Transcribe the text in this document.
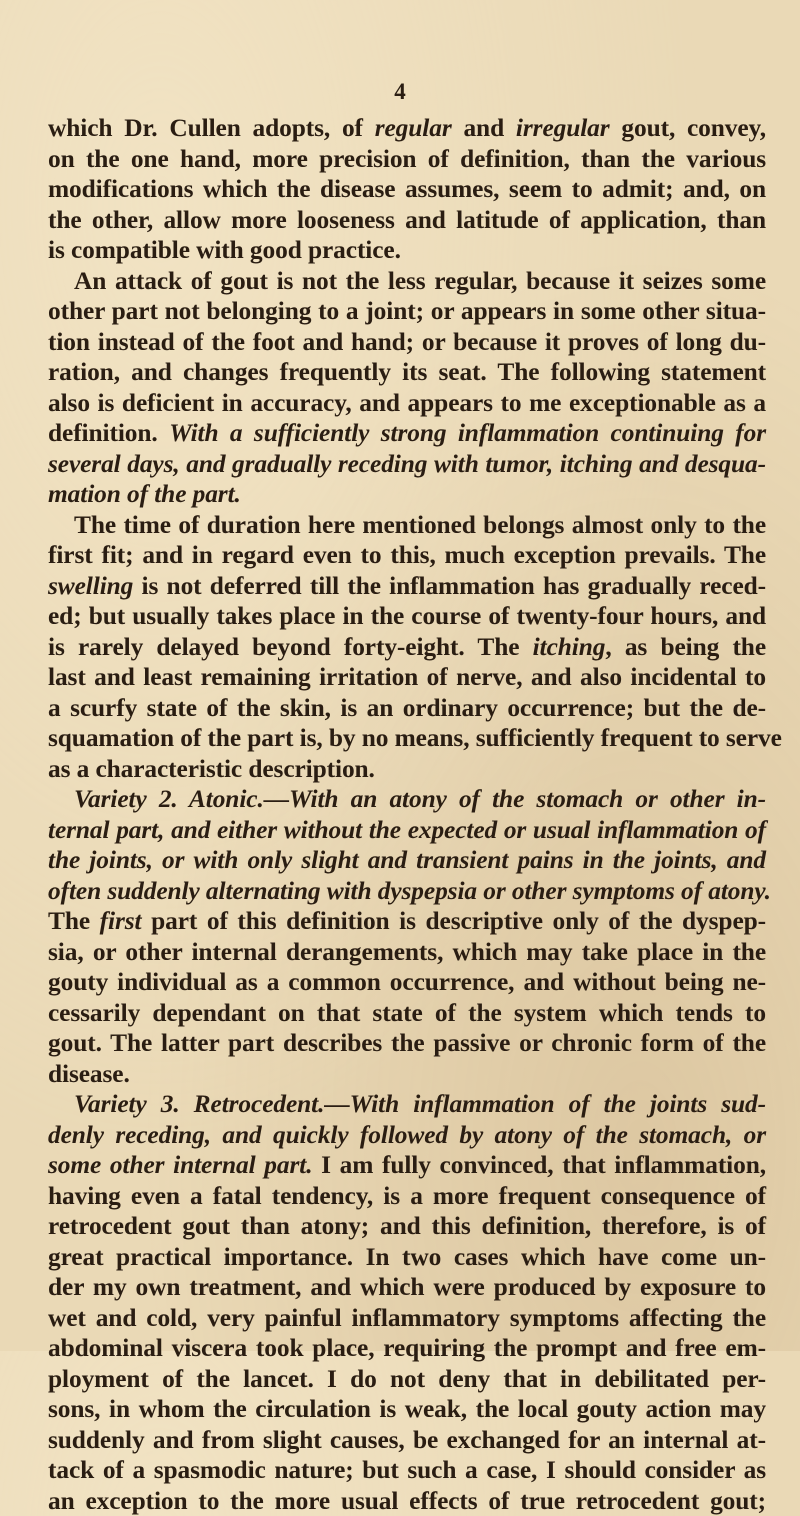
4
which Dr. Cullen adopts, of regular and irregular gout, convey,
on the one hand, more precision of definition, than the various
modifications which the disease assumes, seem to admit; and, on
the other, allow more looseness and latitude of application, than
is compatible with good practice.
An attack of gout is not the less regular, because it seizes some
other part not belonging to a joint; or appears in some other situa-
tion instead of the foot and hand; or because it proves of long du-
ration, and changes frequently its seat. The following statement
also is deficient in accuracy, and appears to me exceptionable as a
definition. With a sufficiently strong inflammation continuing for
several days, and gradually receding with tumor, itching and desqua-
mation of the part.
The time of duration here mentioned belongs almost only to the
first fit; and in regard even to this, much exception prevails. The
swelling is not deferred till the inflammation has gradually reced-
ed; but usually takes place in the course of twenty-four hours, and
is rarely delayed beyond forty-eight. The itching, as being the
last and least remaining irritation of nerve, and also incidental to
a scurfy state of the skin, is an ordinary occurrence; but the de-
squamation of the part is, by no means, sufficiently frequent to serve
as a characteristic description.
Variety 2. Atonic.—With an atony of the stomach or other in-
ternal part, and either without the expected or usual inflammation of
the joints, or with only slight and transient pains in the joints, and
often suddenly alternating with dyspepsia or other symptoms of atony.
The first part of this definition is descriptive only of the dyspep-
sia, or other internal derangements, which may take place in the
gouty individual as a common occurrence, and without being ne-
cessarily dependant on that state of the system which tends to
gout. The latter part describes the passive or chronic form of the
disease.
Variety 3. Retrocedent.—With inflammation of the joints sud-
denly receding, and quickly followed by atony of the stomach, or
some other internal part. I am fully convinced, that inflammation,
having even a fatal tendency, is a more frequent consequence of
retrocedent gout than atony; and this definition, therefore, is of
great practical importance. In two cases which have come un-
der my own treatment, and which were produced by exposure to
wet and cold, very painful inflammatory symptoms affecting the
abdominal viscera took place, requiring the prompt and free em-
ployment of the lancet. I do not deny that in debilitated per-
sons, in whom the circulation is weak, the local gouty action may
suddenly and from slight causes, be exchanged for an internal at-
tack of a spasmodic nature; but such a case, I should consider as
an exception to the more usual effects of true retrocedent gout;
